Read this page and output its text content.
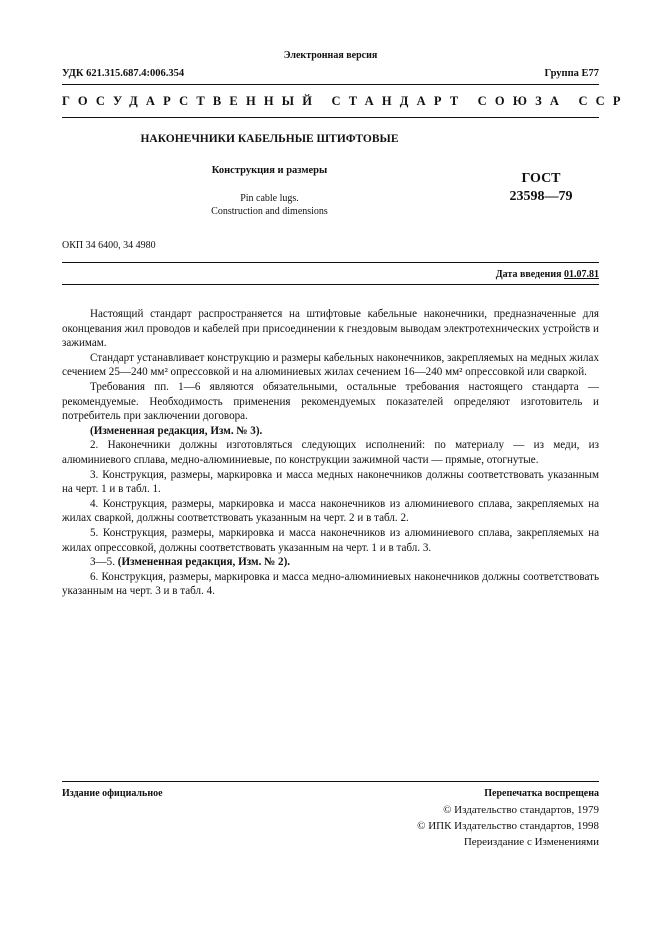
Электронная версия
УДК 621.315.687.4:006.354	Группа Е77
ГОСУДАРСТВЕННЫЙ СТАНДАРТ СОЮЗА ССР
НАКОНЕЧНИКИ КАБЕЛЬНЫЕ ШТИФТОВЫЕ
Конструкция и размеры
Pin cable lugs.
Construction and dimensions
ГОСТ
23598—79
ОКП 34 6400, 34 4980
Дата введения 01.07.81

Настоящий стандарт распространяется на штифтовые кабельные наконечники, предназначенные для оконцевания жил проводов и кабелей при присоединении к гнездовым выводам электротехнических устройств и зажимам.

Стандарт устанавливает конструкцию и размеры кабельных наконечников, закрепляемых на медных жилах сечением 25—240 мм² опрессовкой и на алюминиевых жилах сечением 16—240 мм² опрессовкой или сваркой.

Требования пп. 1—6 являются обязательными, остальные требования настоящего стандарта — рекомендуемые. Необходимость применения рекомендуемых показателей определяют изготовитель и потребитель при заключении договора.

(Измененная редакция, Изм. № 3).

2. Наконечники должны изготовляться следующих исполнений: по материалу — из меди, из алюминиевого сплава, медно-алюминиевые, по конструкции зажимной части — прямые, отогнутые.

3. Конструкция, размеры, маркировка и масса медных наконечников должны соответствовать указанным на черт. 1 и в табл. 1.

4. Конструкция, размеры, маркировка и масса наконечников из алюминиевого сплава, закрепляемых на жилах сваркой, должны соответствовать указанным на черт. 2 и в табл. 2.

5. Конструкция, размеры, маркировка и масса наконечников из алюминиевого сплава, закрепляемых на жилах опрессовкой, должны соответствовать указанным на черт. 1 и в табл. 3.

3—5. (Измененная редакция, Изм. № 2).

6. Конструкция, размеры, маркировка и масса медно-алюминиевых наконечников должны соответствовать указанным на черт. 3 и в табл. 4.

Издание официальное	Перепечатка воспрещена
© Издательство стандартов, 1979
© ИПК Издательство стандартов, 1998
Переиздание с Изменениями
